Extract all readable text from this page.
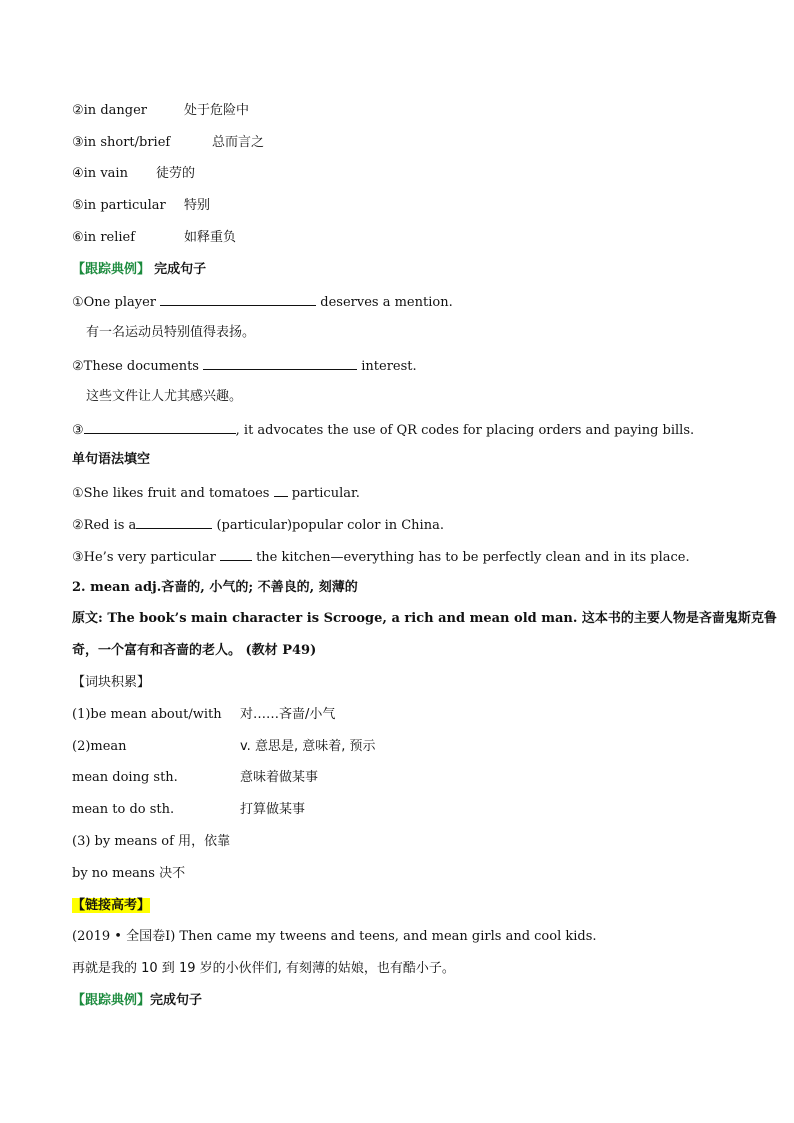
②in danger	处于危险中
③in short/brief	总而言之
④in vain 徒劳的
⑤in particular 特别
⑥in relief	如释重负
【跟踪典例】 完成句子
①One player	deserves a mention.
有一名运动员特别值得表扬。
②These documents	interest.
这些文件让人尤其感兴趣。
③	, it advocates the use of QR codes for placing orders and paying bills.
单句语法填空
①She likes fruit and tomatoes particular.
②Red is a	(particular)popular color in China.
③He’s very particular	the kitchen—everything has to be perfectly clean and in its place.
2. mean adj.吝啬的, 小气的; 不善良的, 刻薄的
原文: The book’s main character is Scrooge, a rich and mean old man. 这本书的主要人物是吝啬鬼斯克鲁
奇，一个富有和吝啬的老人。 (教材 P49)
【词块积累】
(1)be mean about/with 对……吝啬/小气
(2)mean	v. 意思是, 意味着, 预示
mean doing sth.	意味着做某事
mean to do sth.	打算做某事
(3) by means of 用，依靠
by no means 决不
【链接高考】
(2019 • 全国卷Ⅰ) Then came my tweens and teens, and mean girls and cool kids.
再就是我的 10 到 19 岁的小伙伴们, 有刻薄的姑娘，也有酷小子。
【跟踪典例】完成句子
